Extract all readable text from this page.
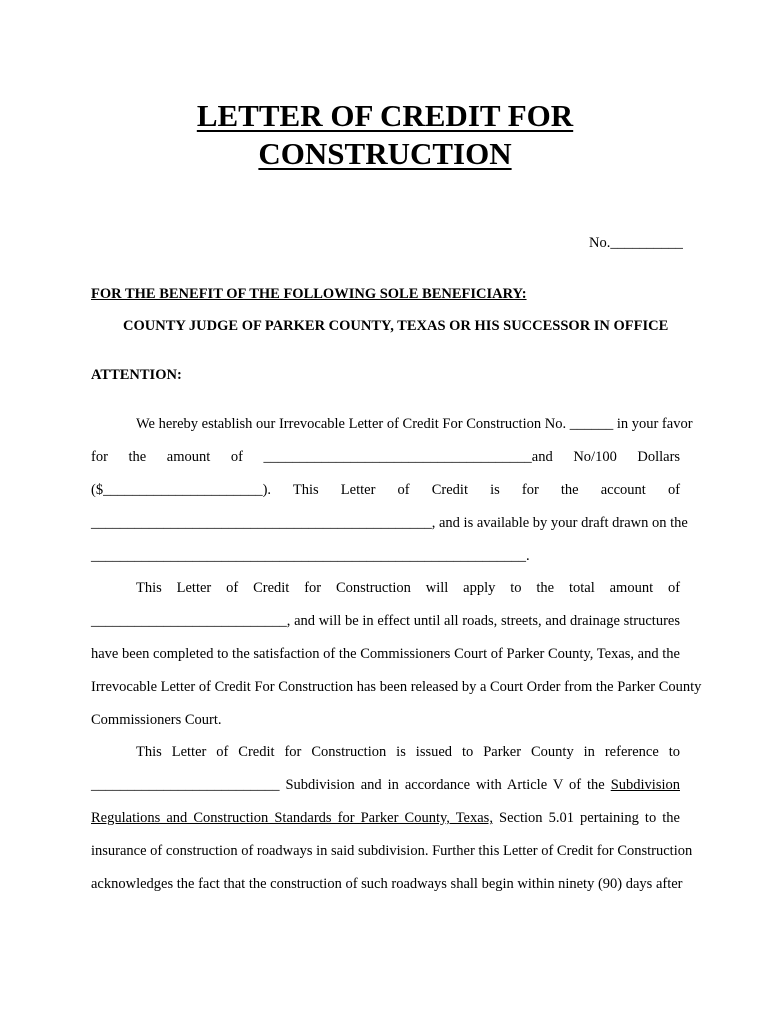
LETTER OF CREDIT FOR
CONSTRUCTION
No.__________
FOR THE BENEFIT OF THE FOLLOWING SOLE BENEFICIARY:
COUNTY JUDGE OF PARKER COUNTY, TEXAS OR HIS SUCCESSOR IN OFFICE
ATTENTION:
We hereby establish our Irrevocable Letter of Credit For Construction No. ______ in your favor
for the amount of _____________________________________and No/100 Dollars
($______________________). This Letter of Credit is for the account of
_______________________________________________, and is available by your draft drawn on the
____________________________________________________________.
This Letter of Credit for Construction will apply to the total amount of
___________________________, and will be in effect until all roads, streets, and drainage structures
have been completed to the satisfaction of the Commissioners Court of Parker County, Texas, and the
Irrevocable Letter of Credit For Construction has been released by a Court Order from the Parker County
Commissioners Court.
This Letter of Credit for Construction is issued to Parker County in reference to
__________________________ Subdivision and in accordance with Article V of the Subdivision
Regulations and Construction Standards for Parker County, Texas, Section 5.01 pertaining to the
insurance of construction of roadways in said subdivision. Further this Letter of Credit for Construction
acknowledges the fact that the construction of such roadways shall begin within ninety (90) days after
